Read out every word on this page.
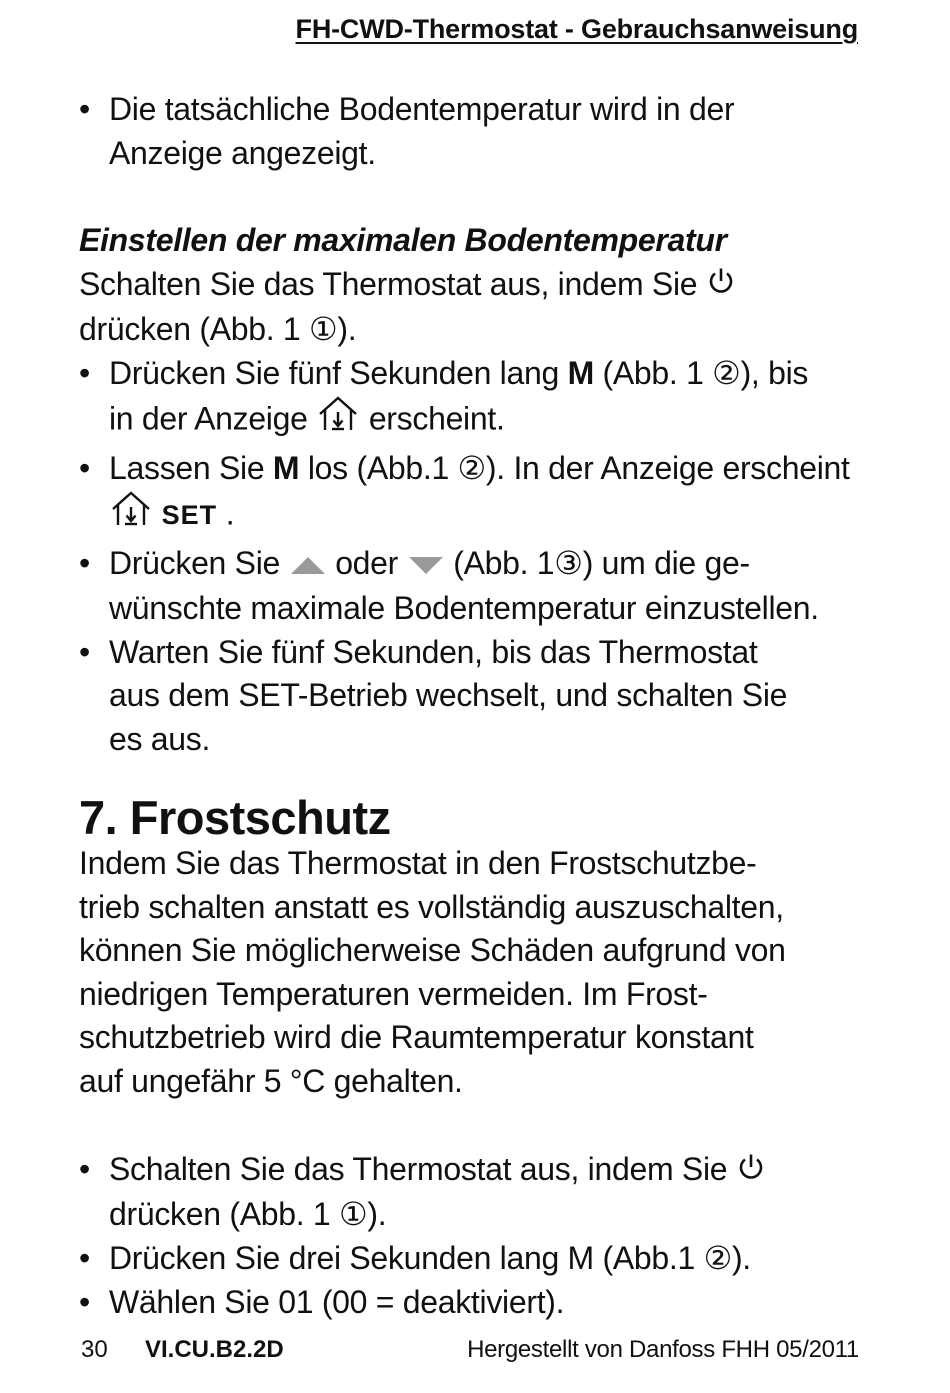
FH-CWD-Thermostat - Gebrauchsanweisung
• Die tatsächliche Bodentemperatur wird in der
Anzeige angezeigt.
Einstellen der maximalen Bodentemperatur
Schalten Sie das Thermostat aus, indem Sie
drücken (Abb. 1 ①).
• Drücken Sie fünf Sekunden lang M (Abb. 1 ②), bis
in der Anzeige erscheint.
• Lassen Sie M los (Abb.1 ②). In der Anzeige erscheint
SET .
• Drücken Sie oder (Abb. 1③) um die ge-
wünschte maximale Bodentemperatur einzustellen.
• Warten Sie fünf Sekunden, bis das Thermostat
aus dem SET-Betrieb wechselt, und schalten Sie
es aus.
7. Frostschutz
Indem Sie das Thermostat in den Frostschutzbe-
trieb schalten anstatt es vollständig auszuschalten,
können Sie möglicherweise Schäden aufgrund von
niedrigen Temperaturen vermeiden. Im Frost-
schutzbetrieb wird die Raumtemperatur konstant
auf ungefähr 5 °C gehalten.
• Schalten Sie das Thermostat aus, indem Sie
drücken (Abb. 1 ①).
• Drücken Sie drei Sekunden lang M (Abb.1 ②).
• Wählen Sie 01 (00 = deaktiviert).
30 VI.CU.B2.2D	Hergestellt von Danfoss FHH 05/2011
